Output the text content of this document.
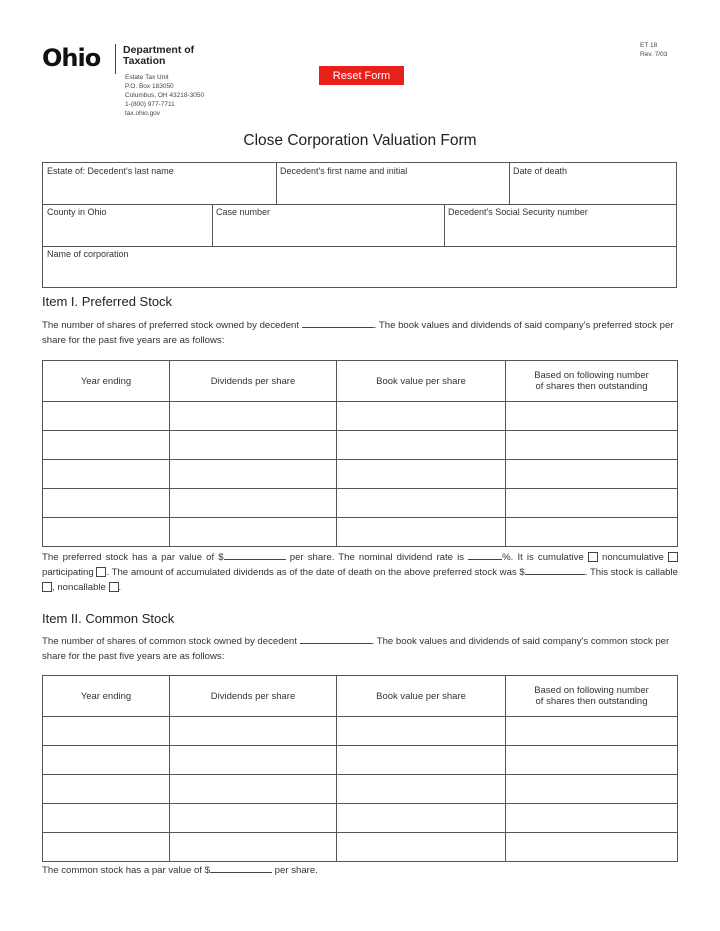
Ohio Department of Taxation
Estate Tax Unit
P.O. Box 183050
Columbus, OH 43218-3050
1-(800) 977-7711
tax.ohio.gov
ET 18
Rev. 7/03
Reset Form
Close Corporation Valuation Form
Estate of: Decedent's last name	Decedent's first name and initial	Date of death
County in Ohio	Case number	Decedent's Social Security number
Name of corporation
Item I. Preferred Stock
The number of shares of preferred stock owned by decedent	. The book values and dividends of said company's preferred stock per share for the past five years are as follows:
Year ending	Dividends per share	Book value per share	Based on following number
of shares then outstanding

The preferred stock has a par value of $	per share. The nominal dividend rate is	%. It is cumulative noncumulative  participating . The amount of accumulated dividends as of the date of death on the above preferred stock was $	. This stock is callable , noncallable .
Item II. Common Stock
The number of shares of common stock owned by decedent	. The book values and dividends of said company's common stock per share for the past five years are as follows:
Year ending	Dividends per share	Book value per share	Based on following number
of shares then outstanding

The common stock has a par value of $	per share.
